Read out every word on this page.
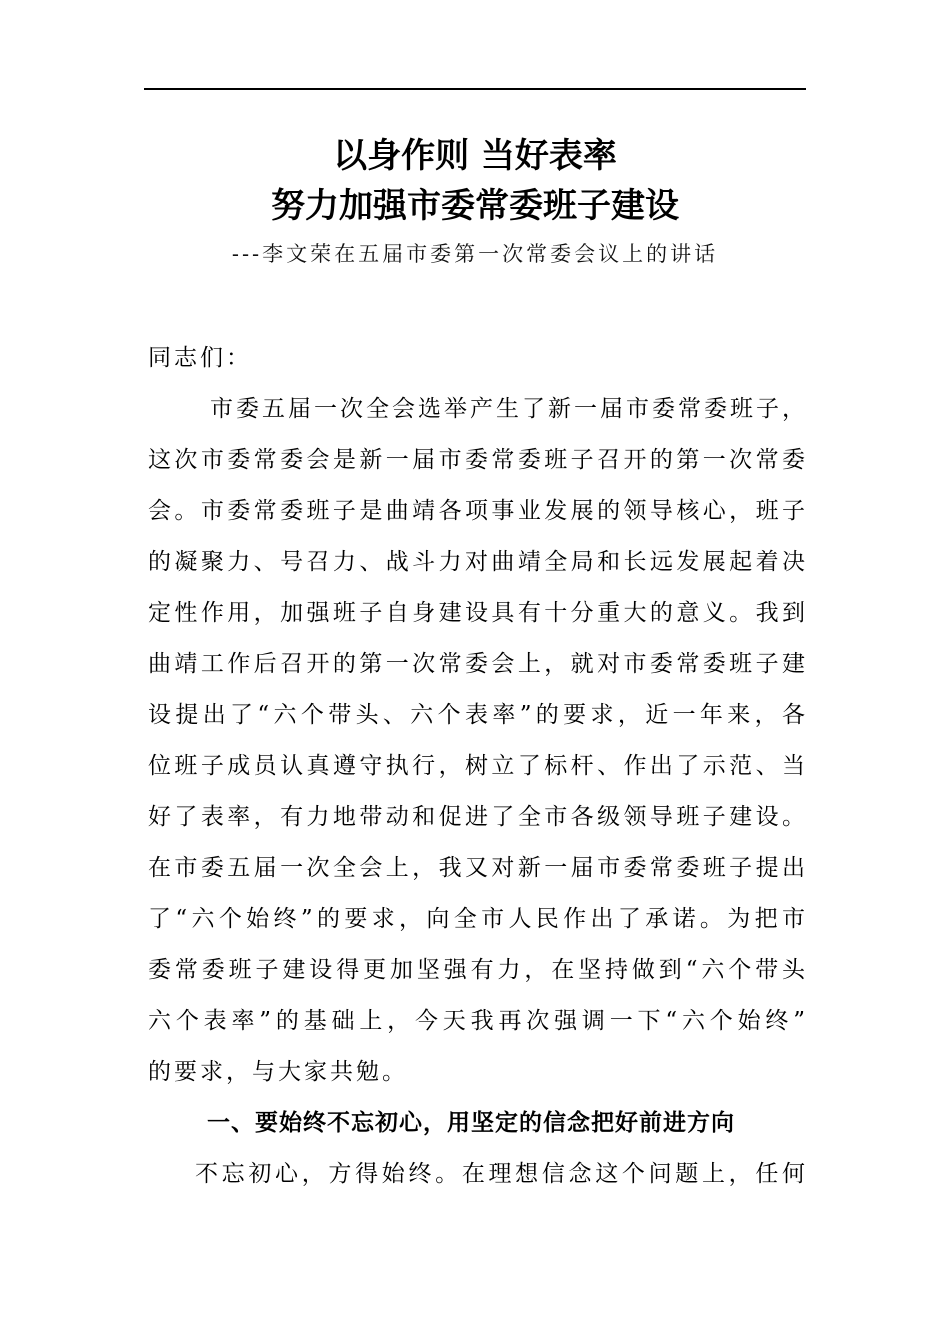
以身作则 当好表率
努力加强市委常委班子建设
---李文荣在五届市委第一次常委会议上的讲话
同志们：
市委五届一次全会选举产生了新一届市委常委班子，
这次市委常委会是新一届市委常委班子召开的第一次常委
会。市委常委班子是曲靖各项事业发展的领导核心，班子
的凝聚力、号召力、战斗力对曲靖全局和长远发展起着决
定性作用，加强班子自身建设具有十分重大的意义。我到
曲靖工作后召开的第一次常委会上，就对市委常委班子建
设提出了“六个带头、六个表率”的要求，近一年来，各
位班子成员认真遵守执行，树立了标杆、作出了示范、当
好了表率，有力地带动和促进了全市各级领导班子建设。
在市委五届一次全会上，我又对新一届市委常委班子提出
了“六个始终”的要求，向全市人民作出了承诺。为把市
委常委班子建设得更加坚强有力，在坚持做到“六个带头
六个表率”的基础上，今天我再次强调一下“六个始终”
的要求，与大家共勉。
一、要始终不忘初心，用坚定的信念把好前进方向
不忘初心，方得始终。在理想信念这个问题上，任何
